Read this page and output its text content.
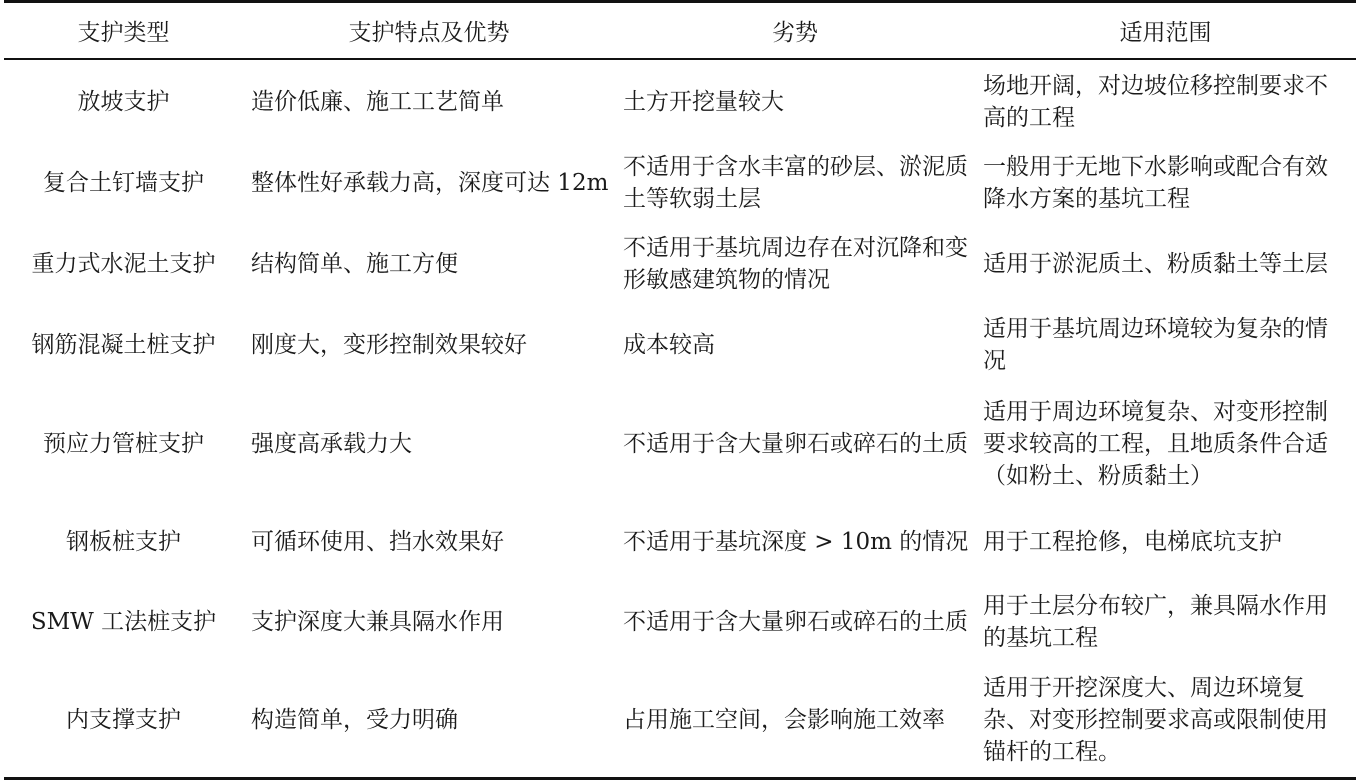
支护类型	支护特点及优势	劣势	适用范围
放坡支护	造价低廉、施工工艺简单	土方开挖量较大	场地开阔，对边坡位移控制要求不高的工程
复合土钉墙支护	整体性好承载力高，深度可达 12m	不适用于含水丰富的砂层、淤泥质土等软弱土层	一般用于无地下水影响或配合有效降水方案的基坑工程
重力式水泥土支护	结构简单、施工方便	不适用于基坑周边存在对沉降和变形敏感建筑物的情况	适用于淤泥质土、粉质黏土等土层
钢筋混凝土桩支护	刚度大，变形控制效果较好	成本较高	适用于基坑周边环境较为复杂的情况
预应力管桩支护	强度高承载力大	不适用于含大量卵石或碎石的土质	适用于周边环境复杂、对变形控制要求较高的工程，且地质条件合适（如粉土、粉质黏土）
钢板桩支护	可循环使用、挡水效果好	不适用于基坑深度 > 10m 的情况	用于工程抢修，电梯底坑支护
SMW 工法桩支护	支护深度大兼具隔水作用	不适用于含大量卵石或碎石的土质	用于土层分布较广，兼具隔水作用的基坑工程
内支撑支护	构造简单，受力明确	占用施工空间，会影响施工效率	适用于开挖深度大、周边环境复杂、对变形控制要求高或限制使用锚杆的工程。
